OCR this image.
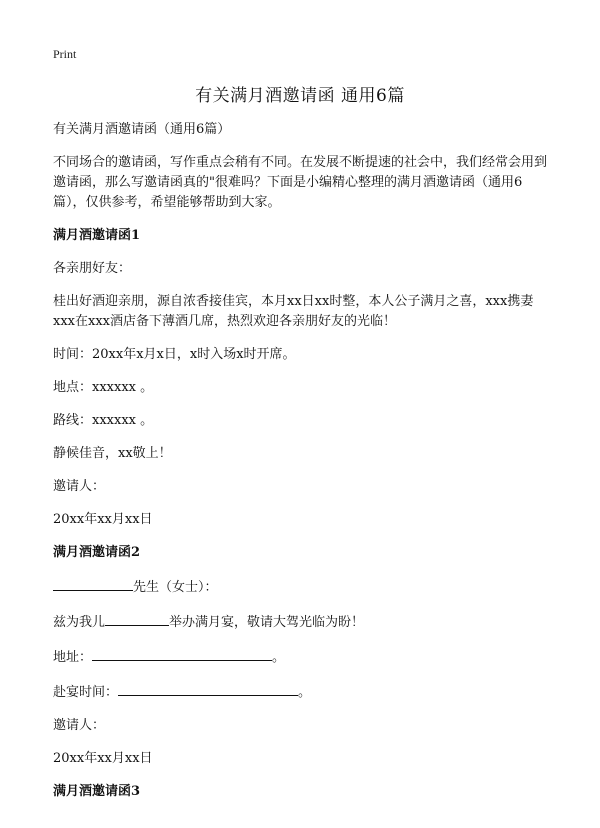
Print
有关满月酒邀请函 通用6篇

有关满月酒邀请函（通用6篇）

不同场合的邀请函，写作重点会稍有不同。在发展不断提速的社会中，我们经常会用到邀请函，那么写邀请函真的"很难吗？下面是小编精心整理的满月酒邀请函（通用6篇），仅供参考，希望能够帮助到大家。

满月酒邀请函1

各亲朋好友：

桂出好酒迎亲朋，源自浓香接佳宾，本月xx日xx时整，本人公子满月之喜，xxx携妻xxx在xxx酒店备下薄酒几席，热烈欢迎各亲朋好友的光临！

时间：20xx年x月x日，x时入场x时开席。

地点：xxxxxx 。

路线：xxxxxx 。

静候佳音，xx敬上！

邀请人：

20xx年xx月xx日

满月酒邀请函2

先生（女士）：

兹为我儿	举办满月宴，敬请大驾光临为盼！

地址：	。

赴宴时间：	。

邀请人：

20xx年xx月xx日

满月酒邀请函3
